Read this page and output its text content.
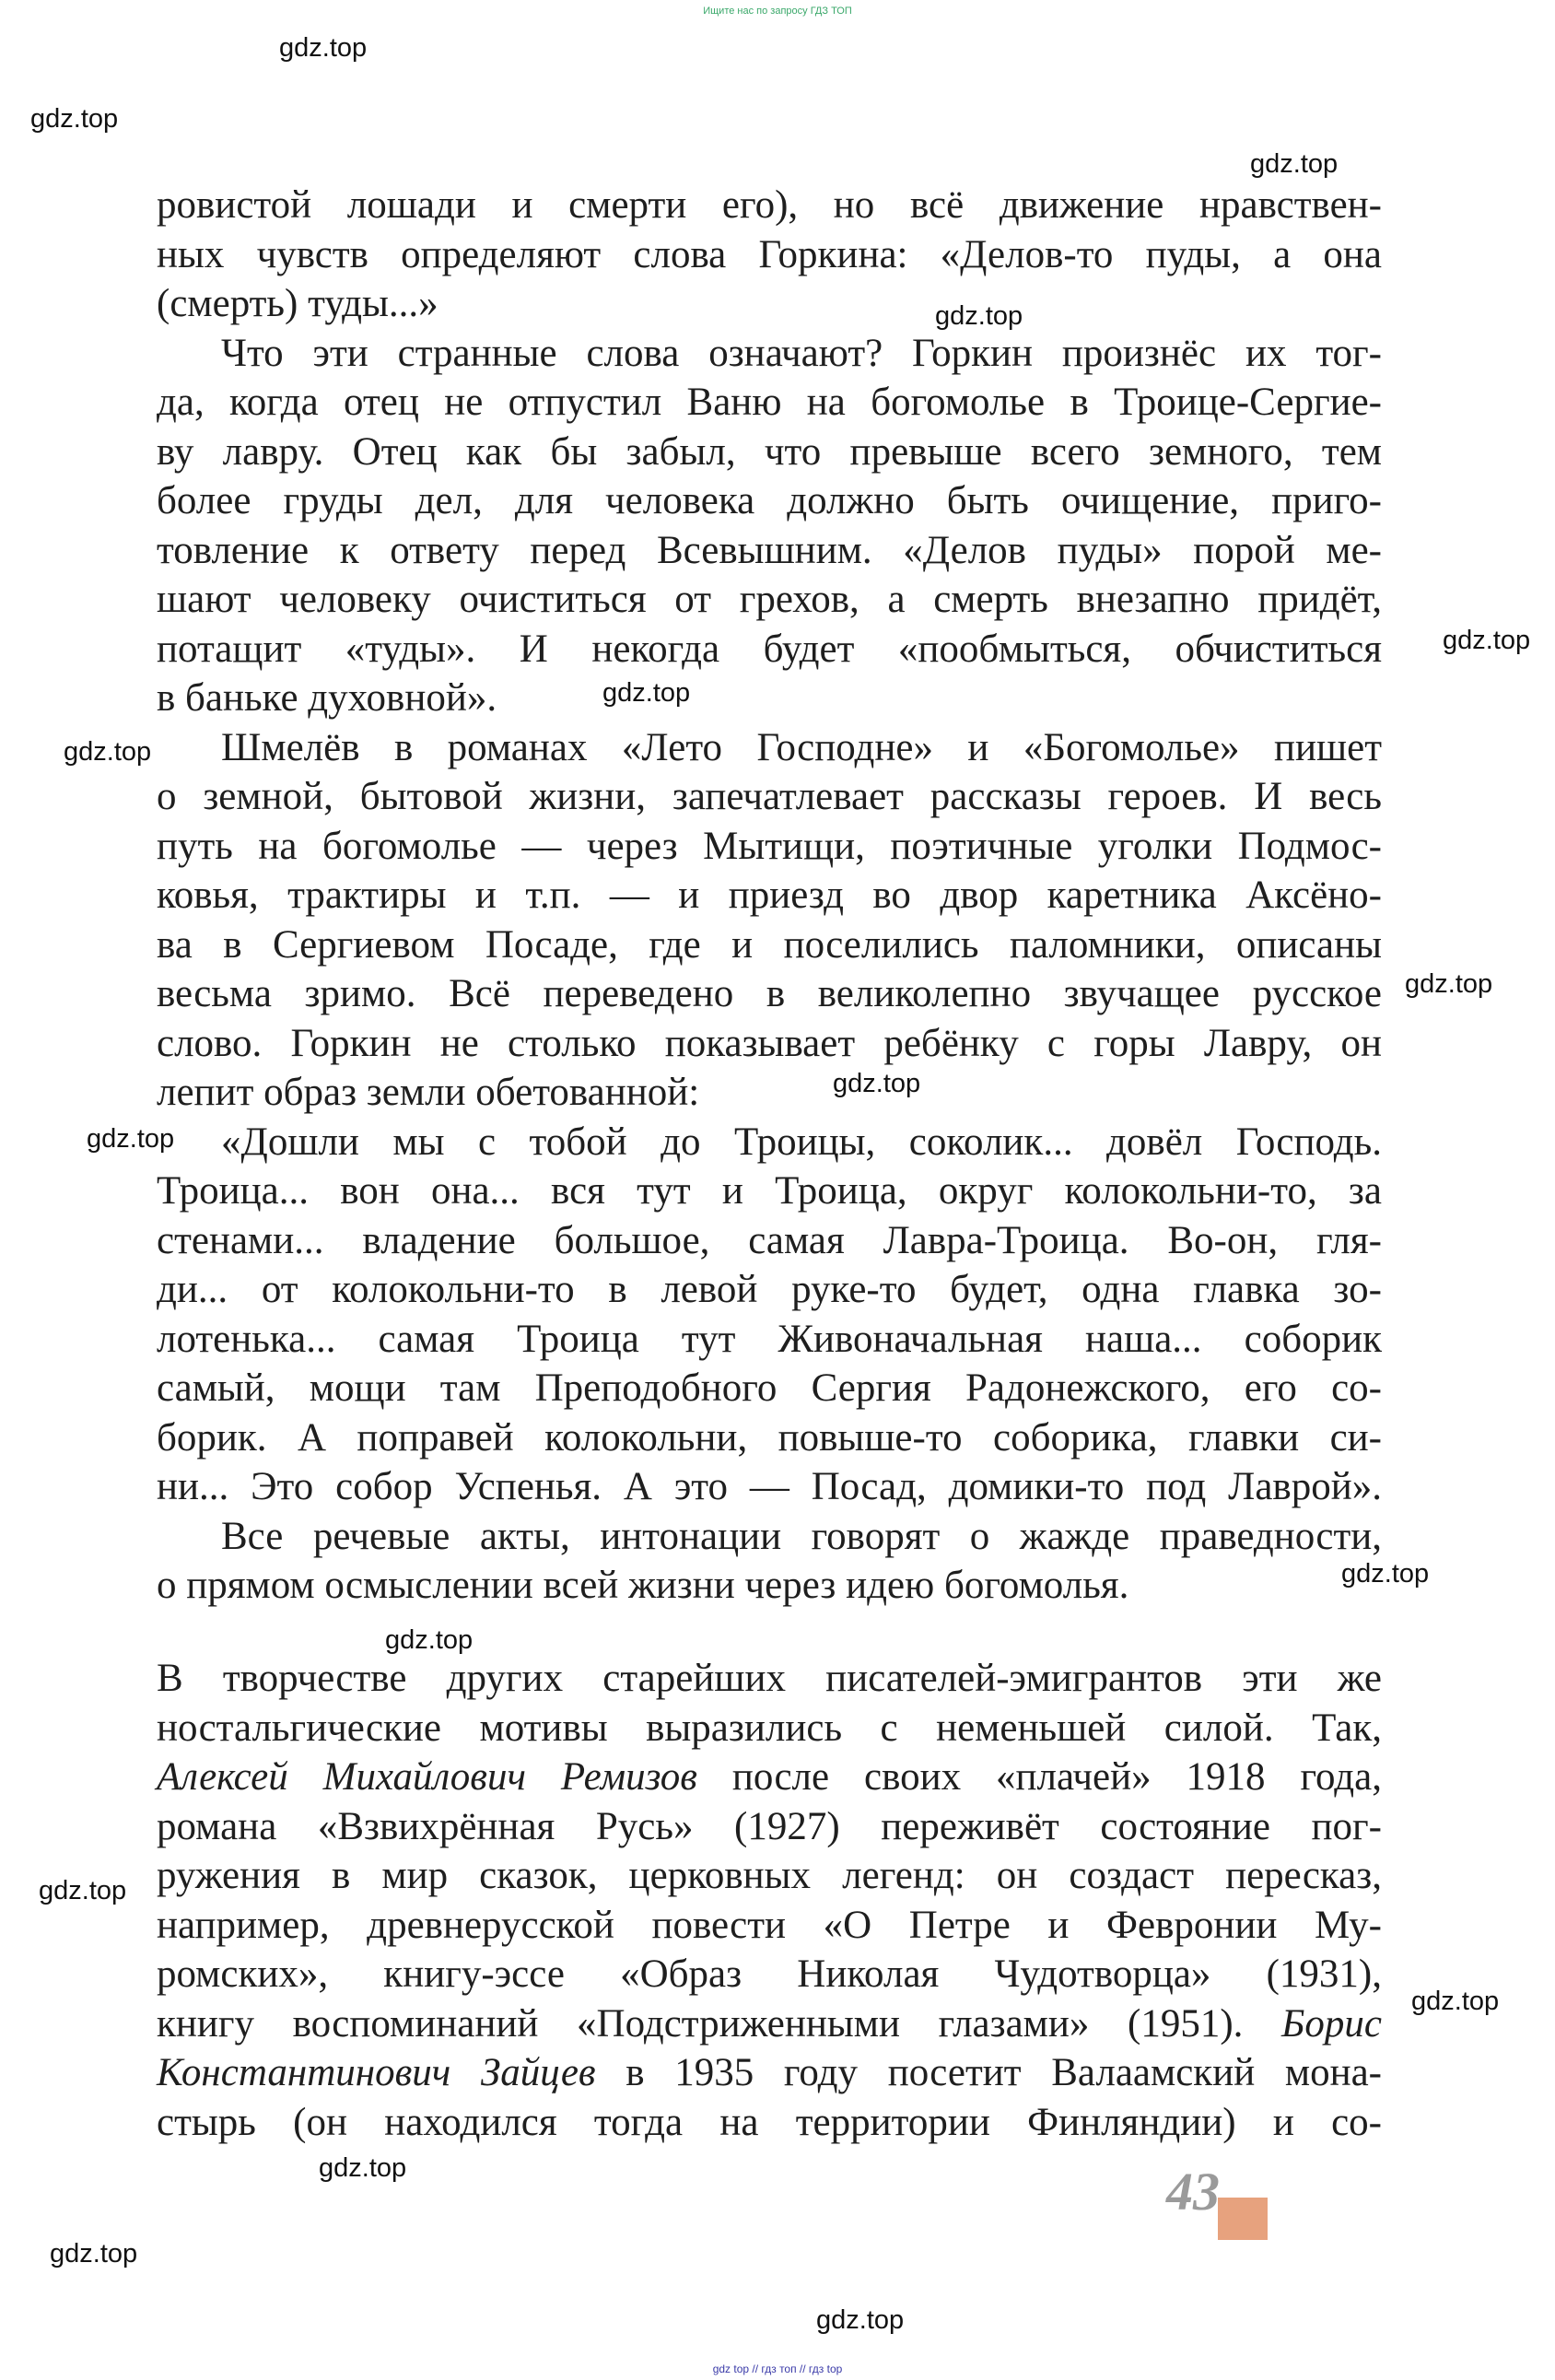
Ищите нас по запросу ГДЗ ТОП
gdz.top
gdz.top
gdz.top
gdz.top
gdz.top
gdz.top
gdz.top
gdz.top
gdz.top
gdz.top
gdz.top
gdz.top
gdz.top
gdz.top
gdz.top
gdz.top
gdz.top
ровистой лошади и смерти его), но всё движение нравствен-
ных чувств определяют слова Горкина: «Делов-то пуды, а она
(смерть) туды...»
Что эти странные слова означают? Горкин произнёс их тог-
да, когда отец не отпустил Ваню на богомолье в Троице-Сергие-
ву лавру. Отец как бы забыл, что превыше всего земного, тем
более груды дел, для человека должно быть очищение, приго-
товление к ответу перед Всевышним. «Делов пуды» порой ме-
шают человеку очиститься от грехов, а смерть внезапно придёт,
потащит «туды». И некогда будет «пообмыться, обчиститься
в баньке духовной».
Шмелёв в романах «Лето Господне» и «Богомолье» пишет
о земной, бытовой жизни, запечатлевает рассказы героев. И весь
путь на богомолье — через Мытищи, поэтичные уголки Подмос-
ковья, трактиры и т.п. — и приезд во двор каретника Аксёно-
ва в Сергиевом Посаде, где и поселились паломники, описаны
весьма зримо. Всё переведено в великолепно звучащее русское
слово. Горкин не столько показывает ребёнку с горы Лавру, он
лепит образ земли обетованной:
«Дошли мы с тобой до Троицы, соколик... довёл Господь.
Троица... вон она... вся тут и Троица, округ колокольни-то, за
стенами... владение большое, самая Лавра-Троица. Во-он, гля-
ди... от колокольни-то в левой руке-то будет, одна главка зо-
лотенька... самая Троица тут Живоначальная наша... соборик
самый, мощи там Преподобного Сергия Радонежского, его со-
борик. А поправей колокольни, повыше-то соборика, главки си-
ни... Это собор Успенья. А это — Посад, домики-то под Лаврой».
Все речевые акты, интонации говорят о жажде праведности,
о прямом осмыслении всей жизни через идею богомолья.
В творчестве других старейших писателей-эмигрантов эти же
ностальгические мотивы выразились с неменьшей силой. Так,
Алексей Михайлович Ремизов после своих «плачей» 1918 года,
романа «Взвихрённая Русь» (1927) переживёт состояние пог-
ружения в мир сказок, церковных легенд: он создаст пересказ,
например, древнерусской повести «О Петре и Февронии Му-
ромских», книгу-эссе «Образ Николая Чудотворца» (1931),
книгу воспоминаний «Подстриженными глазами» (1951). Борис
Константинович Зайцев в 1935 году посетит Валаамский мона-
стырь (он находился тогда на территории Финляндии) и со-
43
gdz top // гдз топ // гдз top
